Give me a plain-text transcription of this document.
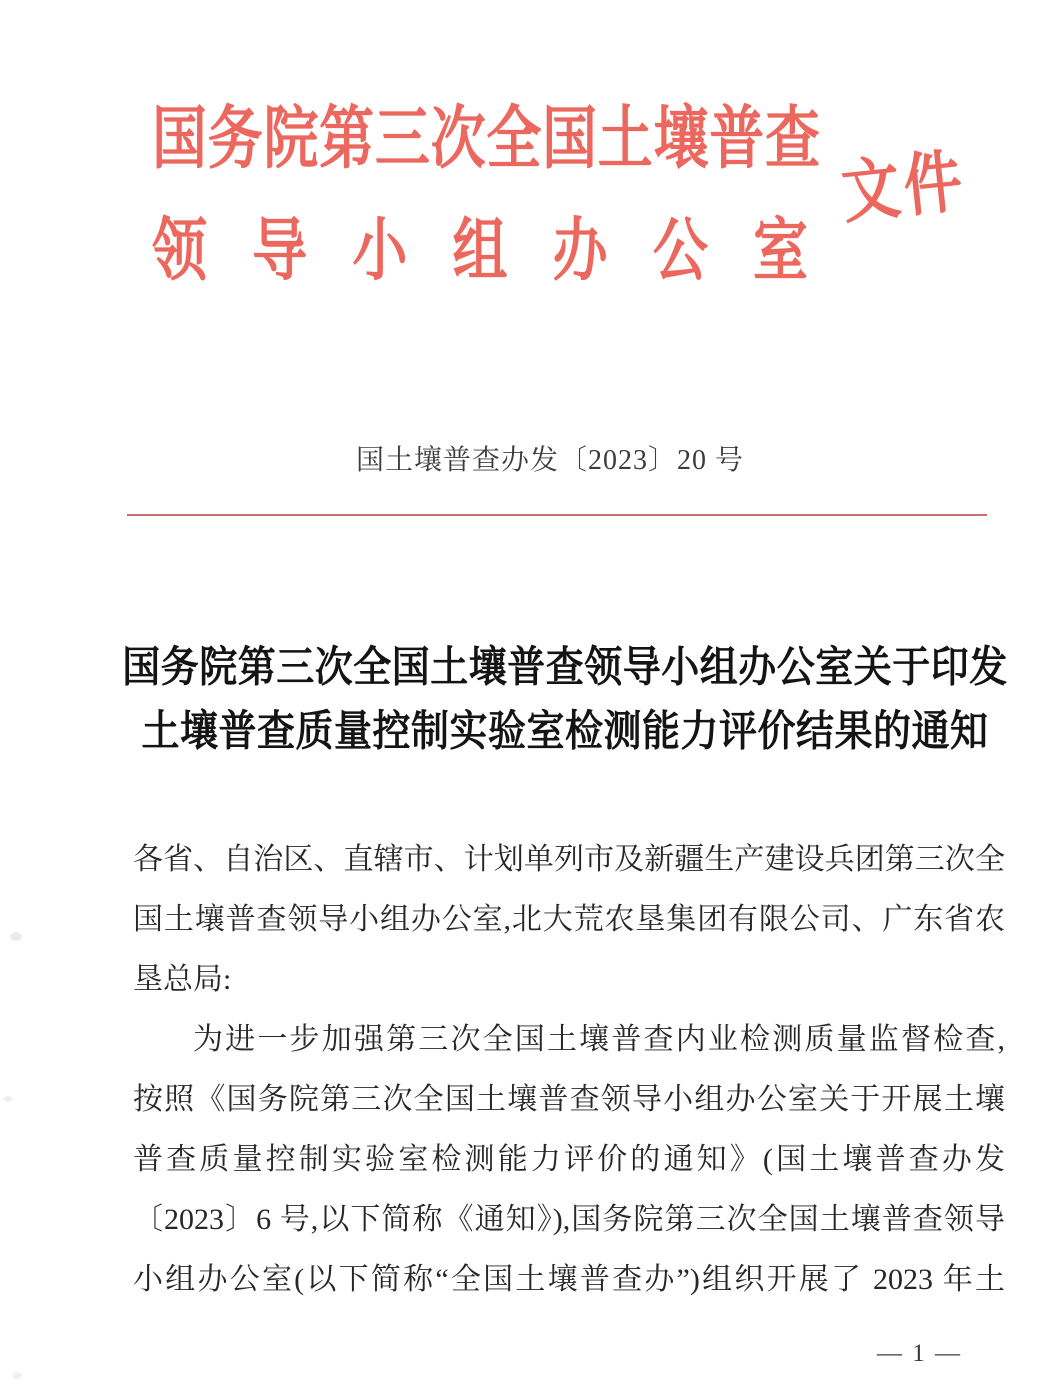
国务院第三次全国土壤普查
领导小组办公室
文件
国土壤普查办发〔2023〕20 号
国务院第三次全国土壤普查领导小组办公室关于印发
土壤普查质量控制实验室检测能力评价结果的通知
各省、自治区、直辖市、计划单列市及新疆生产建设兵团第三次全
国土壤普查领导小组办公室,北大荒农垦集团有限公司、广东省农
垦总局:
为进一步加强第三次全国土壤普查内业检测质量监督检查,
按照《国务院第三次全国土壤普查领导小组办公室关于开展土壤
普查质量控制实验室检测能力评价的通知》(国土壤普查办发
〔2023〕6 号,以下简称《通知》),国务院第三次全国土壤普查领导
小组办公室(以下简称“全国土壤普查办”)组织开展了 2023 年土
— 1 —
